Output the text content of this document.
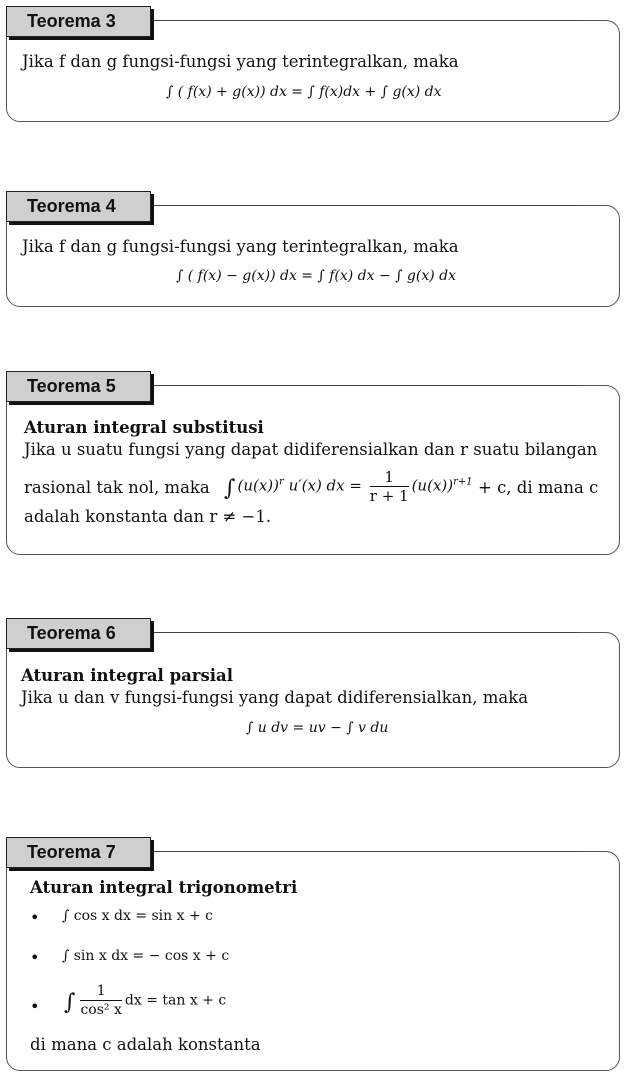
Teorema 3
Jika f dan g fungsi-fungsi yang terintegralkan, maka
∫ ( f(x) + g(x)) dx = ∫ f(x)dx + ∫ g(x) dx
Teorema 4
Jika f dan g fungsi-fungsi yang terintegralkan, maka
∫ ( f(x) − g(x)) dx = ∫ f(x) dx − ∫ g(x) dx
Teorema 5
Aturan integral substitusi
Jika u suatu fungsi yang dapat didiferensialkan dan r suatu bilangan
rasional tak nol, maka ∫ $(u(x))^r$ u′(x) dx = $\frac{1}{r + 1} (u(x))^{r+1} + c$, di mana c
adalah konstanta dan r ≠ −1.
Teorema 6
Aturan integral parsial
Jika u dan v fungsi-fungsi yang dapat didiferensialkan, maka
∫ u dv = uv − ∫ v du
Teorema 7
Aturan integral trigonometri
• ∫ cos x dx = sin x + c
• ∫ sin x dx = − cos x + c
• ∫ $\frac{1}{\text{cos² x}}$ dx = tan x + c
di mana c adalah konstanta
